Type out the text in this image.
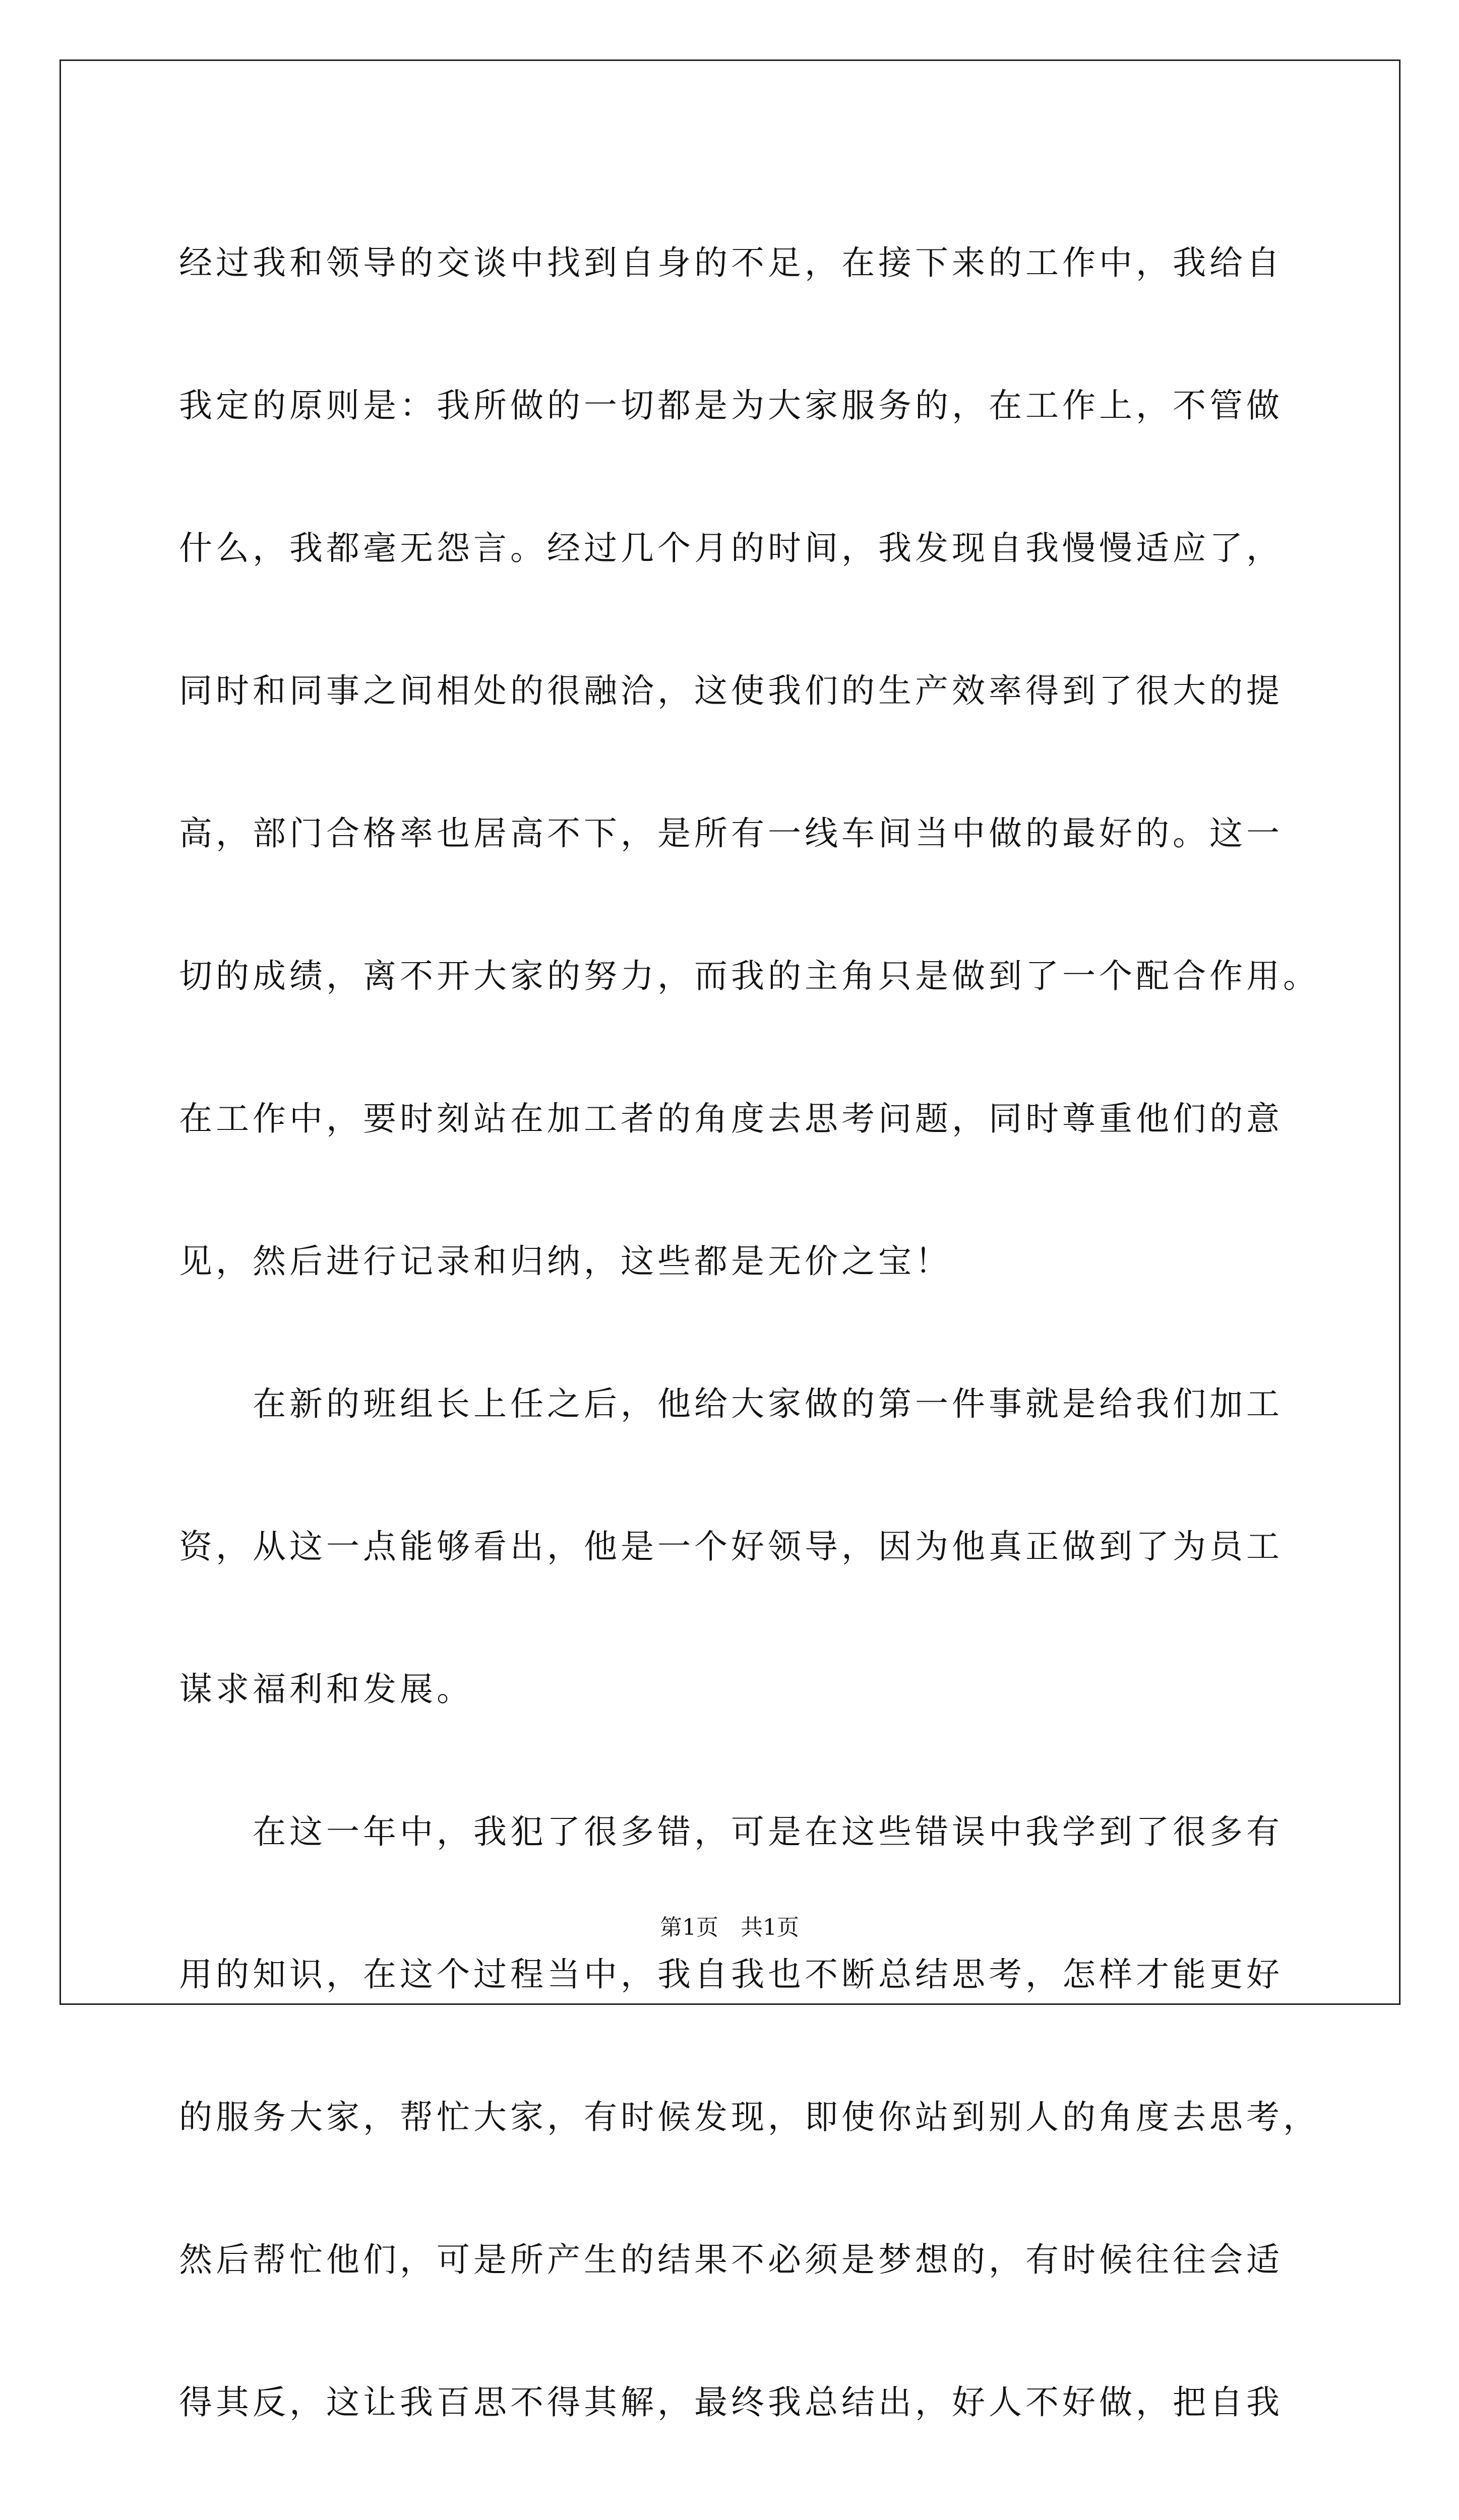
经过我和领导的交谈中找到自身的不足，在接下来的工作中，我给自
我定的原则是：我所做的一切都是为大家服务的，在工作上，不管做
什么，我都毫无怨言。经过几个月的时间，我发现自我慢慢适应了，
同时和同事之间相处的很融洽，这使我们的生产效率得到了很大的提
高，部门合格率也居高不下，是所有一线车间当中做的最好的。这一
切的成绩，离不开大家的努力，而我的主角只是做到了一个配合作用。
在工作中，要时刻站在加工者的角度去思考问题，同时尊重他们的意
见，然后进行记录和归纳，这些都是无价之宝！
　　在新的班组长上任之后，他给大家做的第一件事就是给我们加工
资，从这一点能够看出，他是一个好领导，因为他真正做到了为员工
谋求福利和发展。
　　在这一年中，我犯了很多错，可是在这些错误中我学到了很多有
用的知识，在这个过程当中，我自我也不断总结思考，怎样才能更好
的服务大家，帮忙大家，有时候发现，即使你站到别人的角度去思考，
然后帮忙他们，可是所产生的结果不必须是梦想的，有时候往往会适
得其反，这让我百思不得其解，最终我总结出，好人不好做，把自我
第1页　共1页
